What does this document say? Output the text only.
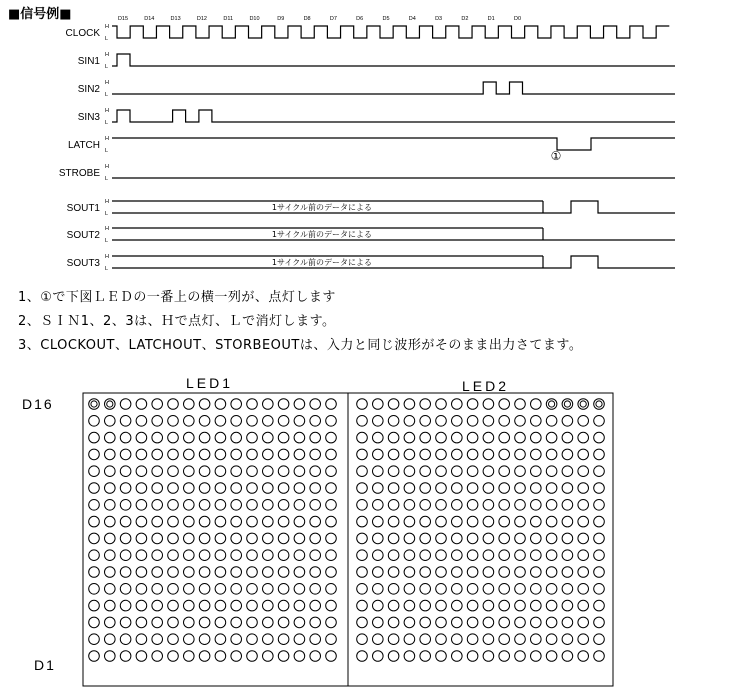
■信号例■
CLOCK
SIN1
SIN2
SIN3
LATCH
STROBE
SOUT1
SOUT2
SOUT3
H
L
H
L
H
L
H
L
H
L
H
L
H
L
H
L
H
L
D15	D14	D13	D12	D11	D10	D9	D8	D7	D6	D5	D4	D3	D2	D1	D0
1サイクル前のデータによる
1サイクル前のデータによる
1サイクル前のデータによる
①
1、①で下図ＬＥＤの一番上の横一列が、点灯します
2、ＳＩＮ1、2、3は、Ｈで点灯、Ｌで消灯します。
3、CLOCKOUT、LATCHOUT、STORBEOUTは、入力と同じ波形がそのまま出力さてます。
LED1	LED2
D16
D1
